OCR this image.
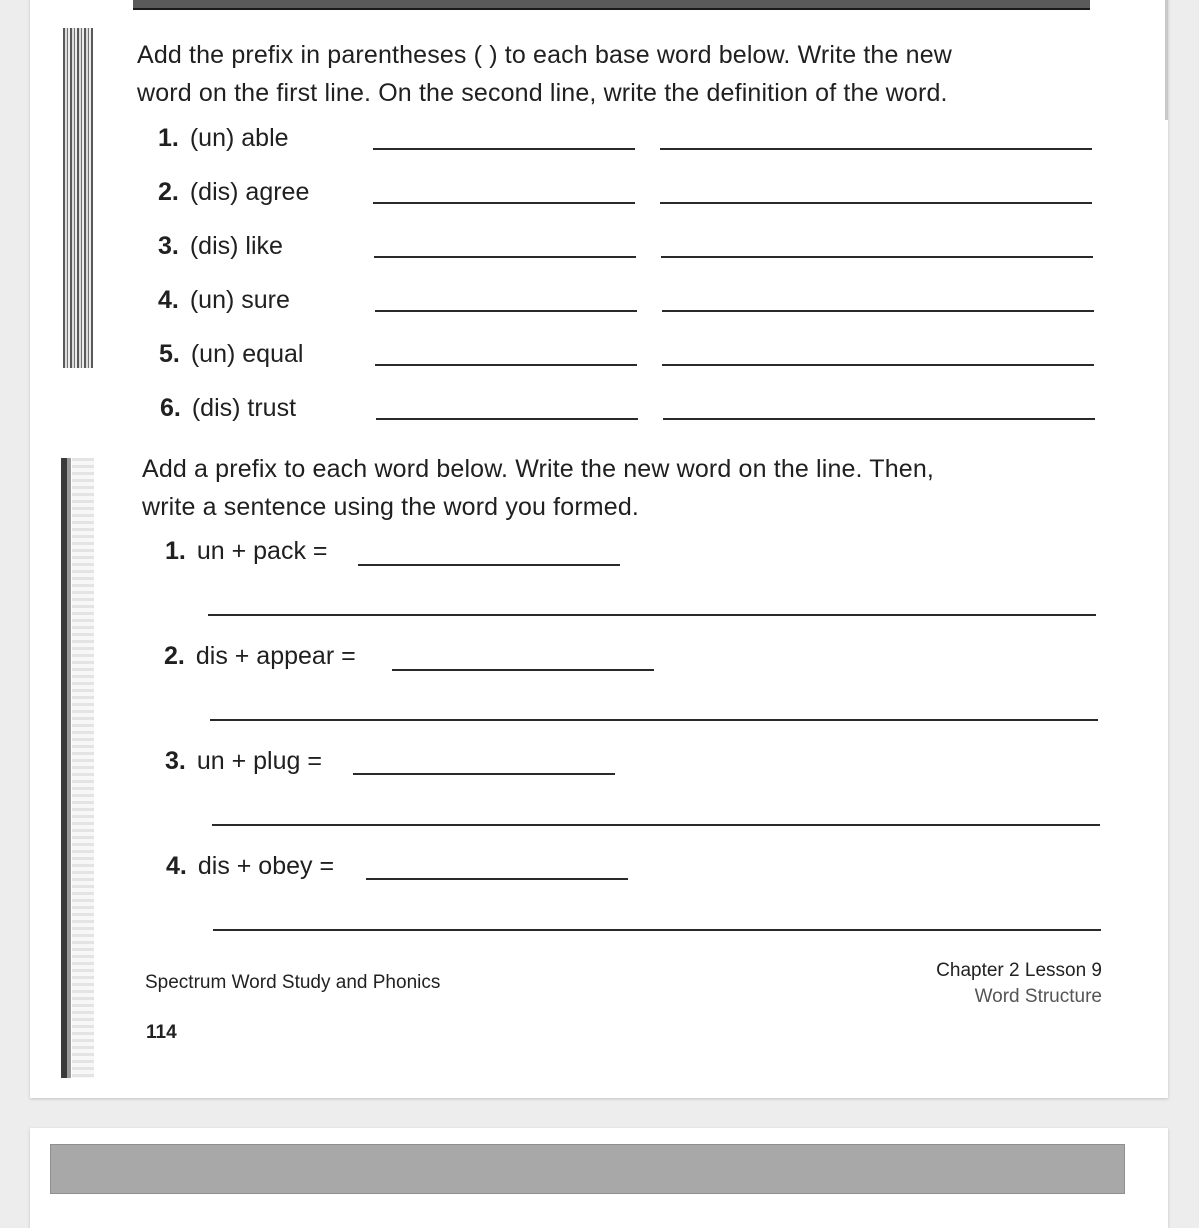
Add the prefix in parentheses ( ) to each base word below. Write the new
word on the first line. On the second line, write the definition of the word.
1. (un) able
2. (dis) agree
3. (dis) like
4. (un) sure
5. (un) equal
6. (dis) trust
Add a prefix to each word below. Write the new word on the line. Then,
write a sentence using the word you formed.
1. un + pack =
2. dis + appear =
3. un + plug =
4. dis + obey =
Spectrum Word Study and Phonics
Chapter 2 Lesson 9
Word Structure
114
